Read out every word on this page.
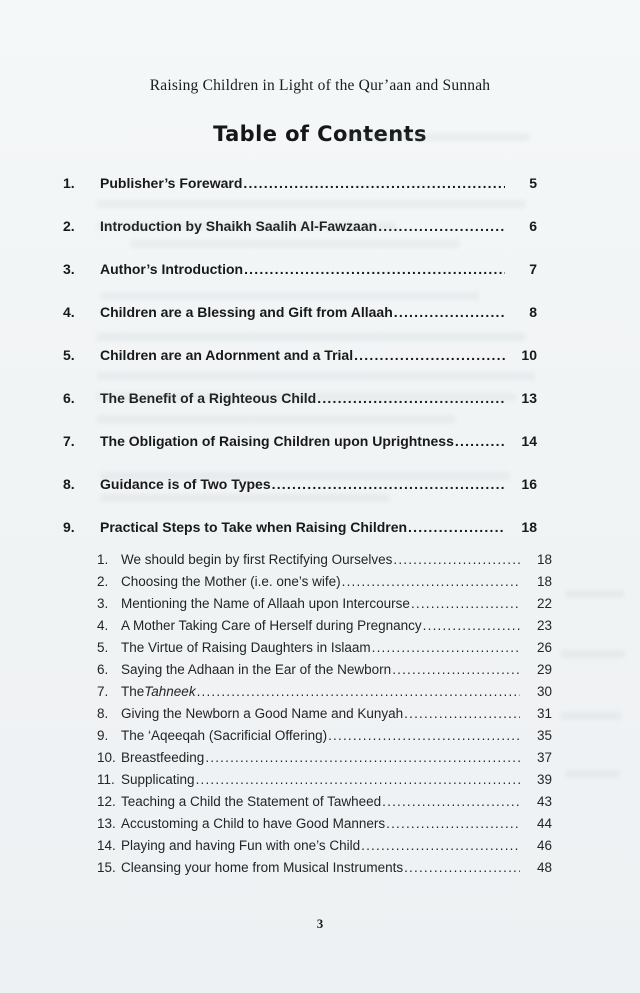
Raising Children in Light of the Qur’aan and Sunnah
Table of Contents
1.	Publisher’s Foreward .....	5
2.	Introduction by Shaikh Saalih Al-Fawzaan .....	6
3.	Author’s Introduction .....	7
4.	Children are a Blessing and Gift from Allaah .....	8
5.	Children are an Adornment and a Trial .....	10
6.	The Benefit of a Righteous Child .....	13
7.	The Obligation of Raising Children upon Uprightness .....	14
8.	Guidance is of Two Types .....	16
9.	Practical Steps to Take when Raising Children .....	18
1. We should begin by first Rectifying Ourselves .....	18
2. Choosing the Mother (i.e. one’s wife) .....	18
3. Mentioning the Name of Allaah upon Intercourse .....	22
4. A Mother Taking Care of Herself during Pregnancy .....	23
5. The Virtue of Raising Daughters in Islaam .....	26
6. Saying the Adhaan in the Ear of the Newborn .....	29
7. The Tahneek .....	30
8. Giving the Newborn a Good Name and Kunyah .....	31
9. The ‘Aqeeqah (Sacrificial Offering) .....	35
10. Breastfeeding .....	37
11. Supplicating .....	39
12. Teaching a Child the Statement of Tawheed .....	43
13. Accustoming a Child to have Good Manners .....	44
14. Playing and having Fun with one’s Child .....	46
15. Cleansing your home from Musical Instruments .....	48
3
